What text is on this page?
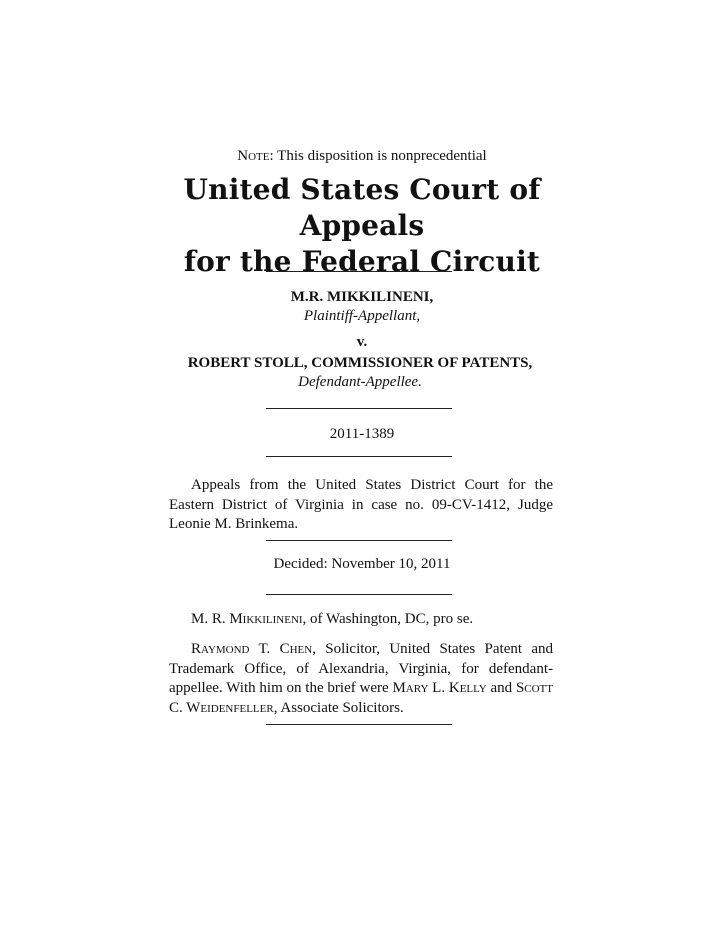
Note: This disposition is nonprecedential
United States Court of Appeals
for the Federal Circuit
M.R. MIKKILINENI,
Plaintiff-Appellant,
v.
ROBERT STOLL, COMMISSIONER OF PATENTS,
Defendant-Appellee.
2011-1389
Appeals from the United States District Court for the Eastern District of Virginia in case no. 09-CV-1412, Judge Leonie M. Brinkema.
Decided: November 10, 2011
M. R. Mikkilineni, of Washington, DC, pro se.
Raymond T. Chen, Solicitor, United States Patent and Trademark Office, of Alexandria, Virginia, for defendant-appellee. With him on the brief were Mary L. Kelly and Scott C. Weidenfeller, Associate Solicitors.
